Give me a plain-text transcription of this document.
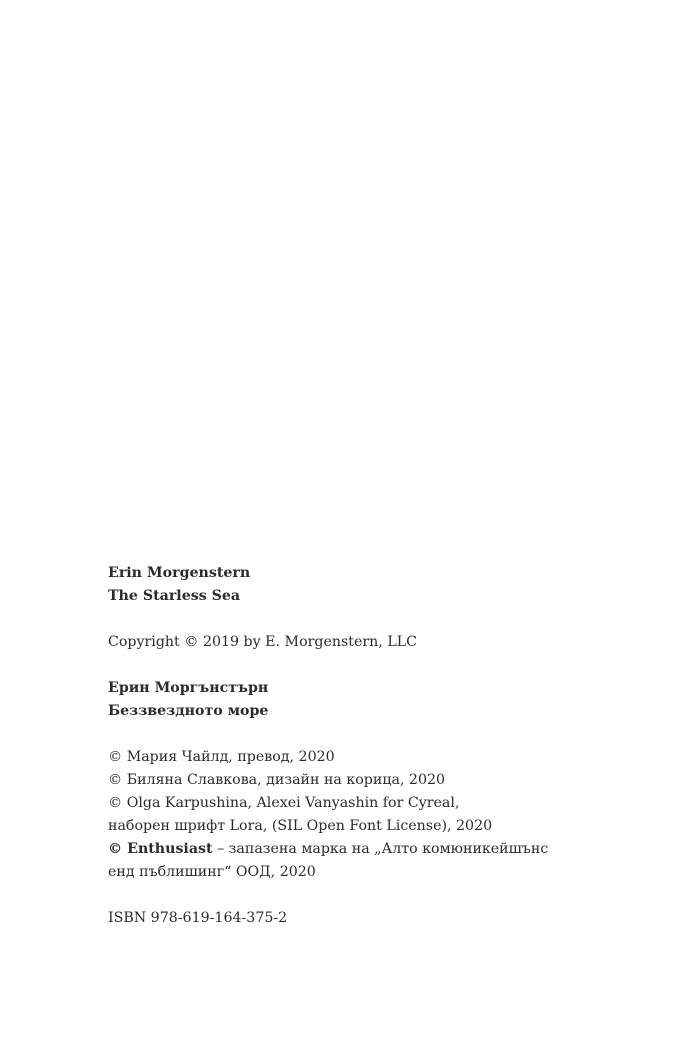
Erin Morgenstern

The Starless Sea

Copyright © 2019 by E. Morgenstern, LLC

Ерин Моргънстърн

Беззвездното море

© Мария Чайлд, превод, 2020

© Биляна Славкова, дизайн на корица, 2020

© Olga Karpushina, Alexei Vanyashin for Cyreal,

наборен шрифт Lora, (SIL Open Font License), 2020

© Enthusiast – запазена марка на „Алто комюникейшънс

енд пъблишинг“ ООД, 2020

ISBN 978-619-164-375-2
